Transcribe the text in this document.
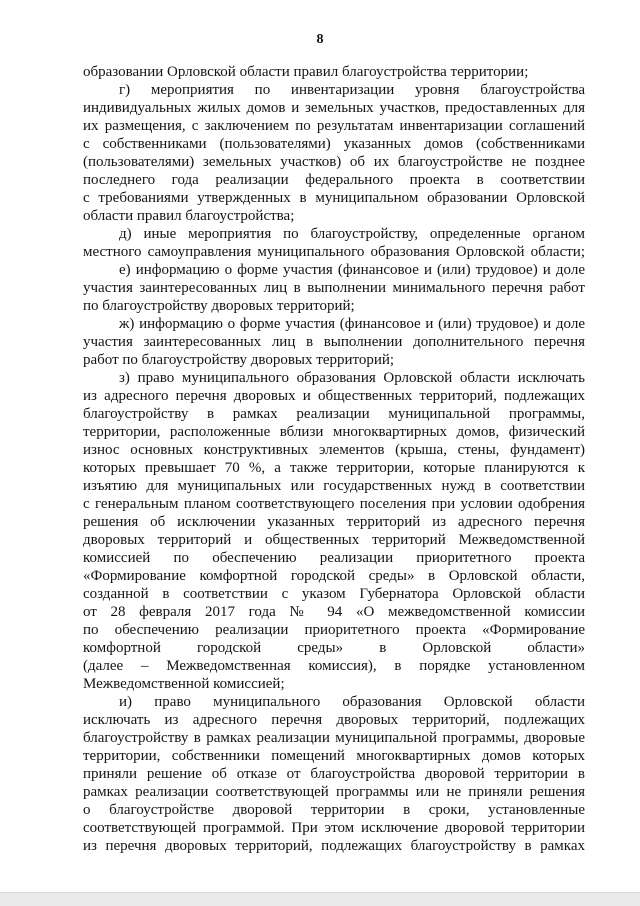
8
образовании Орловской области правил благоустройства территории;
г) мероприятия по инвентаризации уровня благоустройства
индивидуальных жилых домов и земельных участков, предоставленных для
их размещения, с заключением по результатам инвентаризации соглашений
с собственниками (пользователями) указанных домов (собственниками
(пользователями) земельных участков) об их благоустройстве не позднее
последнего года реализации федерального проекта в соответствии
с требованиями утвержденных в муниципальном образовании Орловской
области правил благоустройства;
д) иные мероприятия по благоустройству, определенные органом
местного самоуправления муниципального образования Орловской области;
е) информацию о форме участия (финансовое и (или) трудовое) и доле
участия заинтересованных лиц в выполнении минимального перечня работ
по благоустройству дворовых территорий;
ж) информацию о форме участия (финансовое и (или) трудовое) и доле
участия заинтересованных лиц в выполнении дополнительного перечня
работ по благоустройству дворовых территорий;
з) право муниципального образования Орловской области исключать
из адресного перечня дворовых и общественных территорий, подлежащих
благоустройству в рамках реализации муниципальной программы,
территории, расположенные вблизи многоквартирных домов, физический
износ основных конструктивных элементов (крыша, стены, фундамент)
которых превышает 70 %, а также территории, которые планируются к
изъятию для муниципальных или государственных нужд в соответствии
с генеральным планом соответствующего поселения при условии одобрения
решения об исключении указанных территорий из адресного перечня
дворовых территорий и общественных территорий Межведомственной
комиссией по обеспечению реализации приоритетного проекта
«Формирование комфортной городской среды» в Орловской области,
созданной в соответствии с указом Губернатора Орловской области
от 28 февраля 2017 года № 94 «О межведомственной комиссии
по обеспечению реализации приоритетного проекта «Формирование
комфортной городской среды» в Орловской области»
(далее – Межведомственная комиссия), в порядке установленном
Межведомственной комиссией;
и) право муниципального образования Орловской области
исключать из адресного перечня дворовых территорий, подлежащих
благоустройству в рамках реализации муниципальной программы, дворовые
территории, собственники помещений многоквартирных домов которых
приняли решение об отказе от благоустройства дворовой территории в
рамках реализации соответствующей программы или не приняли решения
о благоустройстве дворовой территории в сроки, установленные
соответствующей программой. При этом исключение дворовой территории
из перечня дворовых территорий, подлежащих благоустройству в рамках
